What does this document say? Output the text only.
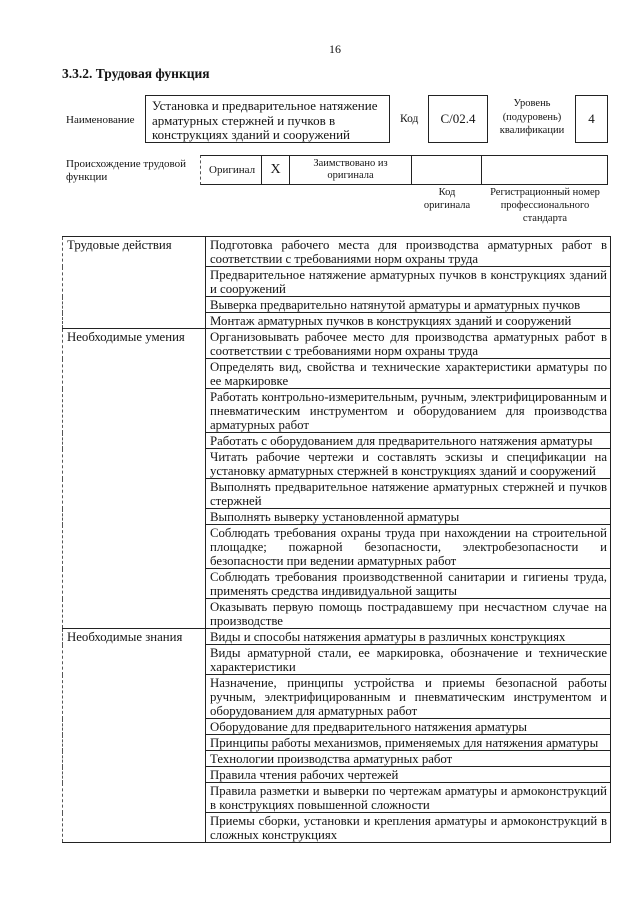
16
3.3.2. Трудовая функция
Наименование
Установка и предварительное натяжение арматурных стержней и пучков в конструкциях зданий и сооружений
Код	C/02.4
Уровень (подуровень) квалификации
4
Происхождение трудовой функции
Оригинал X	Заимствовано из оригинала
Код оригинала
Регистрационный номер профессионального стандарта
Трудовые действия	Подготовка рабочего места для производства арматурных работ в соответствии с требованиями норм охраны труда
	Предварительное натяжение арматурных пучков в конструкциях зданий и сооружений
	Выверка предварительно натянутой арматуры и арматурных пучков
	Монтаж арматурных пучков в конструкциях зданий и сооружений
Необходимые умения	Организовывать рабочее место для производства арматурных работ в соответствии с требованиями норм охраны труда
	Определять вид, свойства и технические характеристики арматуры по ее маркировке
	Работать контрольно-измерительным, ручным, электрифицированным и пневматическим инструментом и оборудованием для производства арматурных работ
	Работать с оборудованием для предварительного натяжения арматуры
	Читать рабочие чертежи и составлять эскизы и спецификации на установку арматурных стержней в конструкциях зданий и сооружений
	Выполнять предварительное натяжение арматурных стержней и пучков стержней
	Выполнять выверку установленной арматуры
	Соблюдать требования охраны труда при нахождении на строительной площадке; пожарной безопасности, электробезопасности и безопасности при ведении арматурных работ
	Соблюдать требования производственной санитарии и гигиены труда, применять средства индивидуальной защиты
	Оказывать первую помощь пострадавшему при несчастном случае на производстве
Необходимые знания	Виды и способы натяжения арматуры в различных конструкциях
	Виды арматурной стали, ее маркировка, обозначение и технические характеристики
	Назначение, принципы устройства и приемы безопасной работы ручным, электрифицированным и пневматическим инструментом и оборудованием для арматурных работ
	Оборудование для предварительного натяжения арматуры
	Принципы работы механизмов, применяемых для натяжения арматуры
	Технологии производства арматурных работ
	Правила чтения рабочих чертежей
	Правила разметки и выверки по чертежам арматуры и армоконструкций в конструкциях повышенной сложности
	Приемы сборки, установки и крепления арматуры и армоконструкций в сложных конструкциях
